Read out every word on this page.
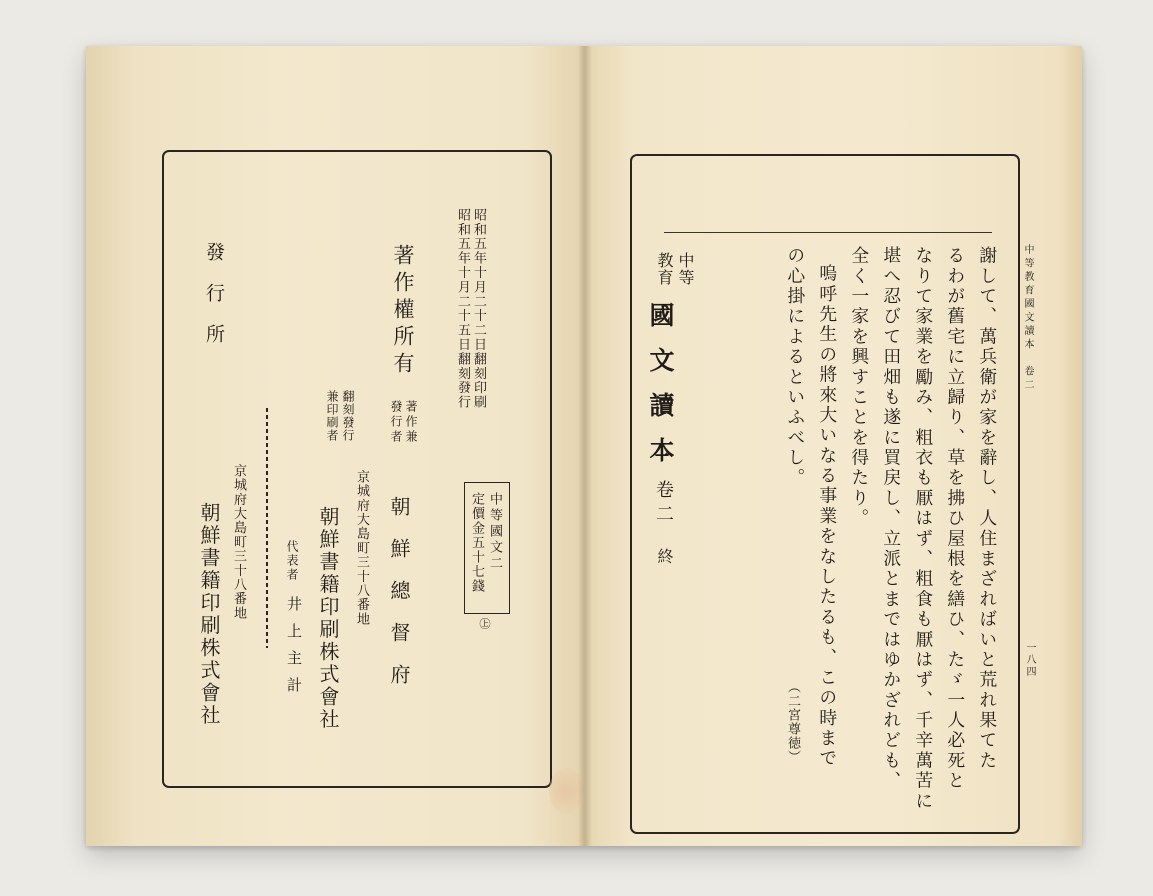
昭和五年十月二十二日翻刻印刷
昭和五年十月二十五日翻刻發行
著作權所有
著作兼
發行者
朝鮮總督府	中等國文二
定價金五十七錢
㊤
翻刻發行
兼印刷者
京城府大島町三十八番地
朝鮮書籍印刷株式會社
代表者
井上主計
發行所
京城府大島町三十八番地
朝鮮書籍印刷株式會社
中等教育國文讀本　卷二
一八四
謝して、萬兵衛が家を辭し、人住まざればいと荒れ果てた
るわが舊宅に立歸り、草を拂ひ屋根を繕ひ、たゞ一人必死と
なりて家業を勵み、粗衣も厭はず、粗食も厭はず、千辛萬苦に
堪へ忍びて田畑も遂に買戻し、立派とまではゆかざれども、
全く一家を興すことを得たり。
嗚呼先生の將來大いなる事業をなしたるも、この時まで
の心掛によるといふべし。
（二宮尊徳）
中等
教育
國文讀本
卷二
終
